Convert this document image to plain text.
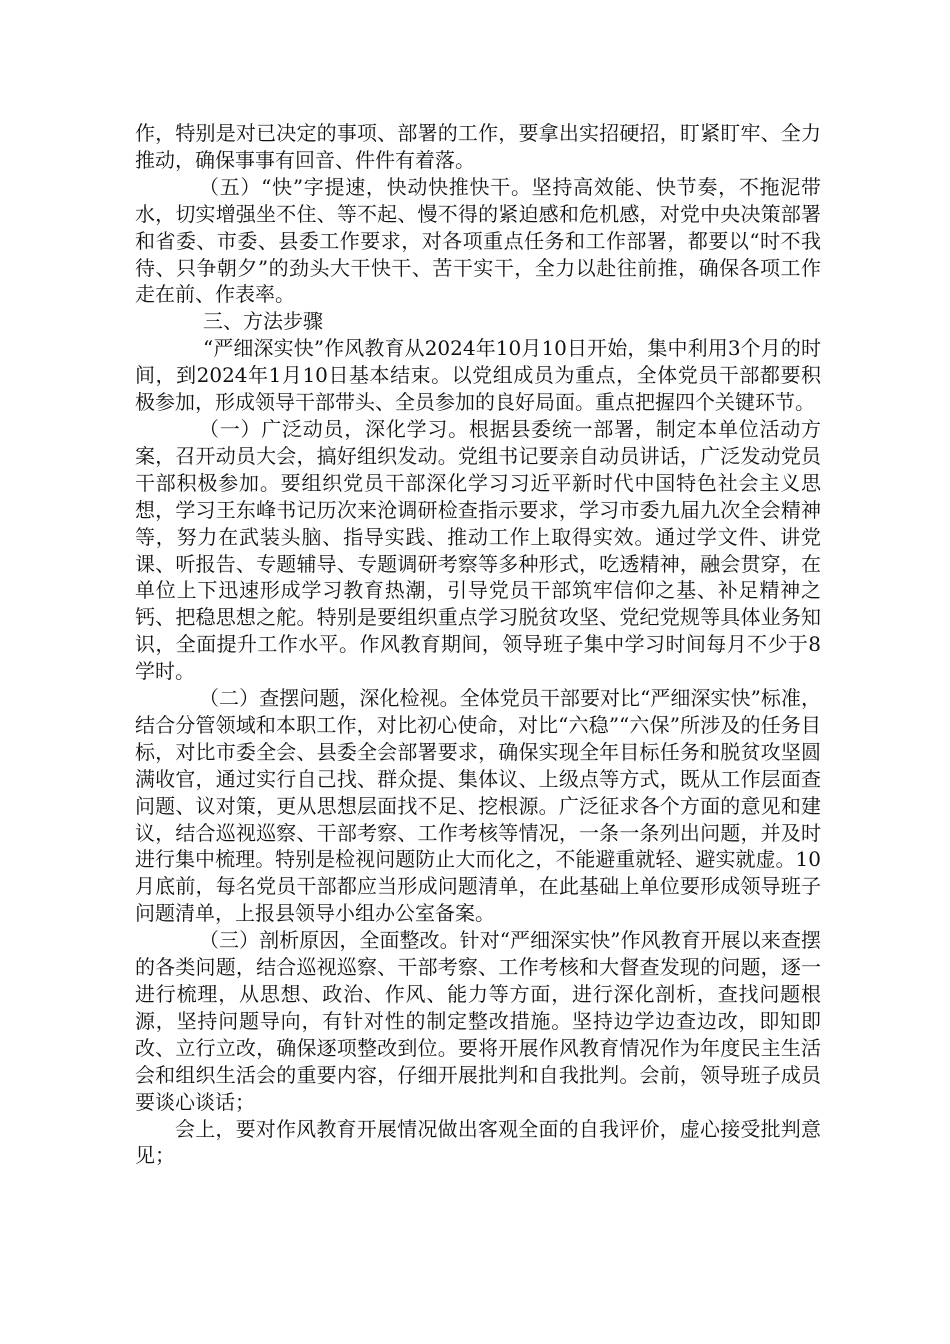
作，特别是对已决定的事项、部署的工作，要拿出实招硬招，盯紧盯牢、全力推动，确保事事有回音、件件有着落。

（五）“快”字提速，快动快推快干。坚持高效能、快节奏，不拖泥带水，切实增强坐不住、等不起、慢不得的紧迫感和危机感，对党中央决策部署和省委、市委、县委工作要求，对各项重点任务和工作部署，都要以“时不我待、只争朝夕”的劲头大干快干、苦干实干，全力以赴往前推，确保各项工作走在前、作表率。

三、方法步骤

“严细深实快”作风教育从2024年10月10日开始，集中利用3个月的时间，到2024年1月10日基本结束。以党组成员为重点，全体党员干部都要积极参加，形成领导干部带头、全员参加的良好局面。重点把握四个关键环节。

（一）广泛动员，深化学习。根据县委统一部署，制定本单位活动方案，召开动员大会，搞好组织发动。党组书记要亲自动员讲话，广泛发动党员干部积极参加。要组织党员干部深化学习习近平新时代中国特色社会主义思想，学习王东峰书记历次来沧调研检查指示要求，学习市委九届九次全会精神等，努力在武装头脑、指导实践、推动工作上取得实效。通过学文件、讲党课、听报告、专题辅导、专题调研考察等多种形式，吃透精神，融会贯穿，在单位上下迅速形成学习教育热潮，引导党员干部筑牢信仰之基、补足精神之钙、把稳思想之舵。特别是要组织重点学习脱贫攻坚、党纪党规等具体业务知识，全面提升工作水平。作风教育期间，领导班子集中学习时间每月不少于8学时。

（二）查摆问题，深化检视。全体党员干部要对比“严细深实快”标准，结合分管领域和本职工作，对比初心使命，对比“六稳”“六保”所涉及的任务目标，对比市委全会、县委全会部署要求，确保实现全年目标任务和脱贫攻坚圆满收官，通过实行自己找、群众提、集体议、上级点等方式，既从工作层面查问题、议对策，更从思想层面找不足、挖根源。广泛征求各个方面的意见和建议，结合巡视巡察、干部考察、工作考核等情况，一条一条列出问题，并及时进行集中梳理。特别是检视问题防止大而化之，不能避重就轻、避实就虚。10月底前，每名党员干部都应当形成问题清单，在此基础上单位要形成领导班子问题清单，上报县领导小组办公室备案。

（三）剖析原因，全面整改。针对“严细深实快”作风教育开展以来查摆的各类问题，结合巡视巡察、干部考察、工作考核和大督查发现的问题，逐一进行梳理，从思想、政治、作风、能力等方面，进行深化剖析，查找问题根源，坚持问题导向，有针对性的制定整改措施。坚持边学边查边改，即知即改、立行立改，确保逐项整改到位。要将开展作风教育情况作为年度民主生活会和组织生活会的重要内容，仔细开展批判和自我批判。会前，领导班子成员要谈心谈话；

会上，要对作风教育开展情况做出客观全面的自我评价，虚心接受批判意见；
